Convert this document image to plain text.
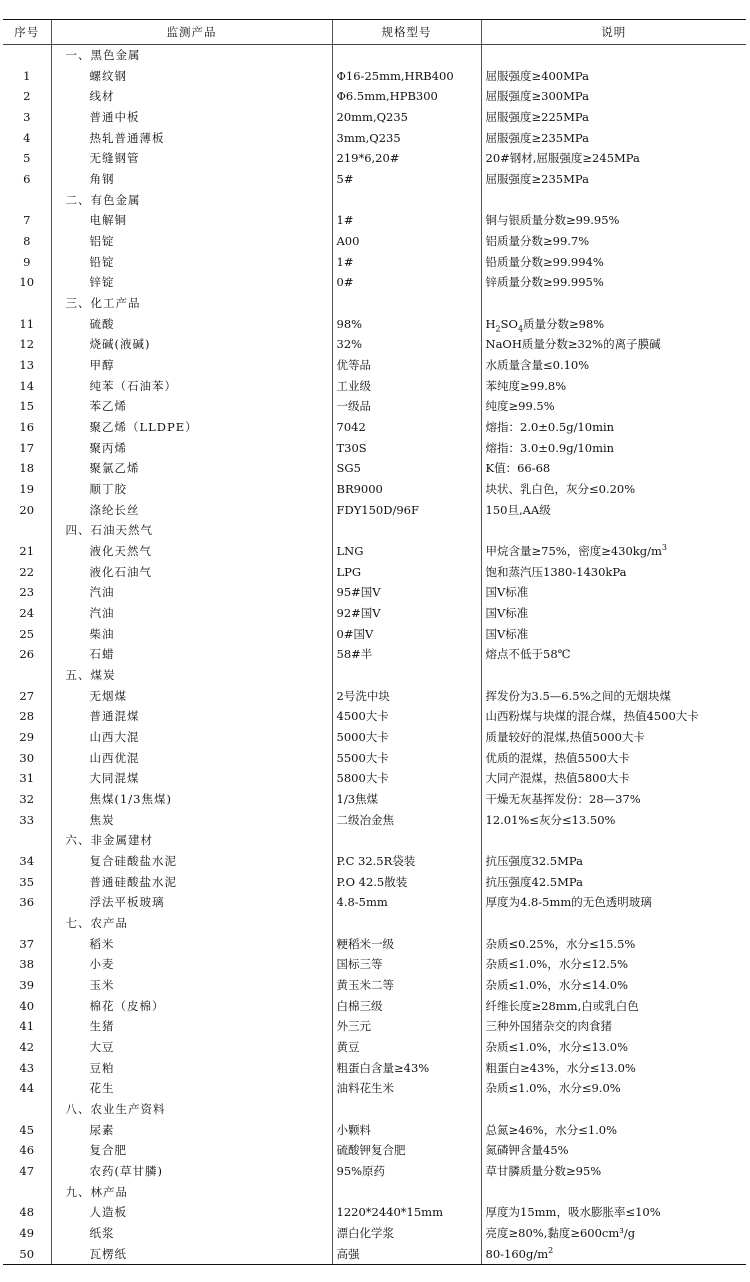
序号	监测产品	规格型号	说明
	一、黑色金属		
1	螺纹钢	Φ16-25mm,HRB400	屈服强度≥400MPa
2	线材	Φ6.5mm,HPB300	屈服强度≥300MPa
3	普通中板	20mm,Q235	屈服强度≥225MPa
4	热轧普通薄板	3mm,Q235	屈服强度≥235MPa
5	无缝钢管	219*6,20#	20#钢材,屈服强度≥245MPa
6	角钢	5#	屈服强度≥235MPa
	二、有色金属		
7	电解铜	1#	铜与银质量分数≥99.95%
8	铝锭	A00	铝质量分数≥99.7%
9	铅锭	1#	铅质量分数≥99.994%
10	锌锭	0#	锌质量分数≥99.995%
	三、化工产品		
11	硫酸	98%	$H_2SO_4$质量分数≥98%
12	烧碱(液碱)	32%	NaOH质量分数≥32%的离子膜碱
13	甲醇	优等品	水质量含量≤0.10%
14	纯苯（石油苯）	工业级	苯纯度≥99.8%
15	苯乙烯	一级品	纯度≥99.5%
16	聚乙烯（LLDPE）	7042	熔指：2.0±0.5g/10min
17	聚丙烯	T30S	熔指：3.0±0.9g/10min
18	聚氯乙烯	SG5	K值：66-68
19	顺丁胶	BR9000	块状、乳白色，灰分≤0.20%
20	涤纶长丝	FDY150D/96F	150旦,AA级
	四、石油天然气		
21	液化天然气	LNG	甲烷含量≥75%，密度$\ge 430kg/m^3$
22	液化石油气	LPG	饱和蒸汽压1380-1430kPa
23	汽油	95#国Ⅴ	国Ⅴ标准
24	汽油	92#国Ⅴ	国Ⅴ标准
25	柴油	0#国Ⅴ	国Ⅴ标准
26	石蜡	58#半	熔点不低于58℃
	五、煤炭		
27	无烟煤	2号洗中块	挥发份为3.5—6.5%之间的无烟块煤
28	普通混煤	4500大卡	山西粉煤与块煤的混合煤，热值4500大卡
29	山西大混	5000大卡	质量较好的混煤,热值5000大卡
30	山西优混	5500大卡	优质的混煤，热值5500大卡
31	大同混煤	5800大卡	大同产混煤，热值5800大卡
32	焦煤(1/3焦煤)	1/3焦煤	干燥无灰基挥发份：28—37%
33	焦炭	二级冶金焦	12.01%≤灰分≤13.50%
	六、非金属建材		
34	复合硅酸盐水泥	P.C 32.5R袋装	抗压强度32.5MPa
35	普通硅酸盐水泥	P.O 42.5散装	抗压强度42.5MPa
36	浮法平板玻璃	4.8-5mm	厚度为4.8-5mm的无色透明玻璃
	七、农产品		
37	稻米	粳稻米一级	杂质≤0.25%，水分≤15.5%
38	小麦	国标三等	杂质≤1.0%，水分≤12.5%
39	玉米	黄玉米二等	杂质≤1.0%，水分≤14.0%
40	棉花（皮棉）	白棉三级	纤维长度≥28mm,白或乳白色
41	生猪	外三元	三种外国猪杂交的肉食猪
42	大豆	黄豆	杂质≤1.0%，水分≤13.0%
43	豆粕	粗蛋白含量≥43%	粗蛋白≥43%，水分≤13.0%
44	花生	油料花生米	杂质≤1.0%，水分≤9.0%
	八、农业生产资料		
45	尿素	小颗料	总氮≥46%，水分≤1.0%
46	复合肥	硫酸钾复合肥	氮磷钾含量45%
47	农药(草甘膦)	95%原药	草甘膦质量分数≥95%
	九、林产品		
48	人造板	1220*2440*15mm	厚度为15mm，吸水膨胀率≤10%
49	纸浆	漂白化学浆	亮度≥80%,黏度≥600cm³/g
50	瓦楞纸	高强	$80-160g/m^2$
